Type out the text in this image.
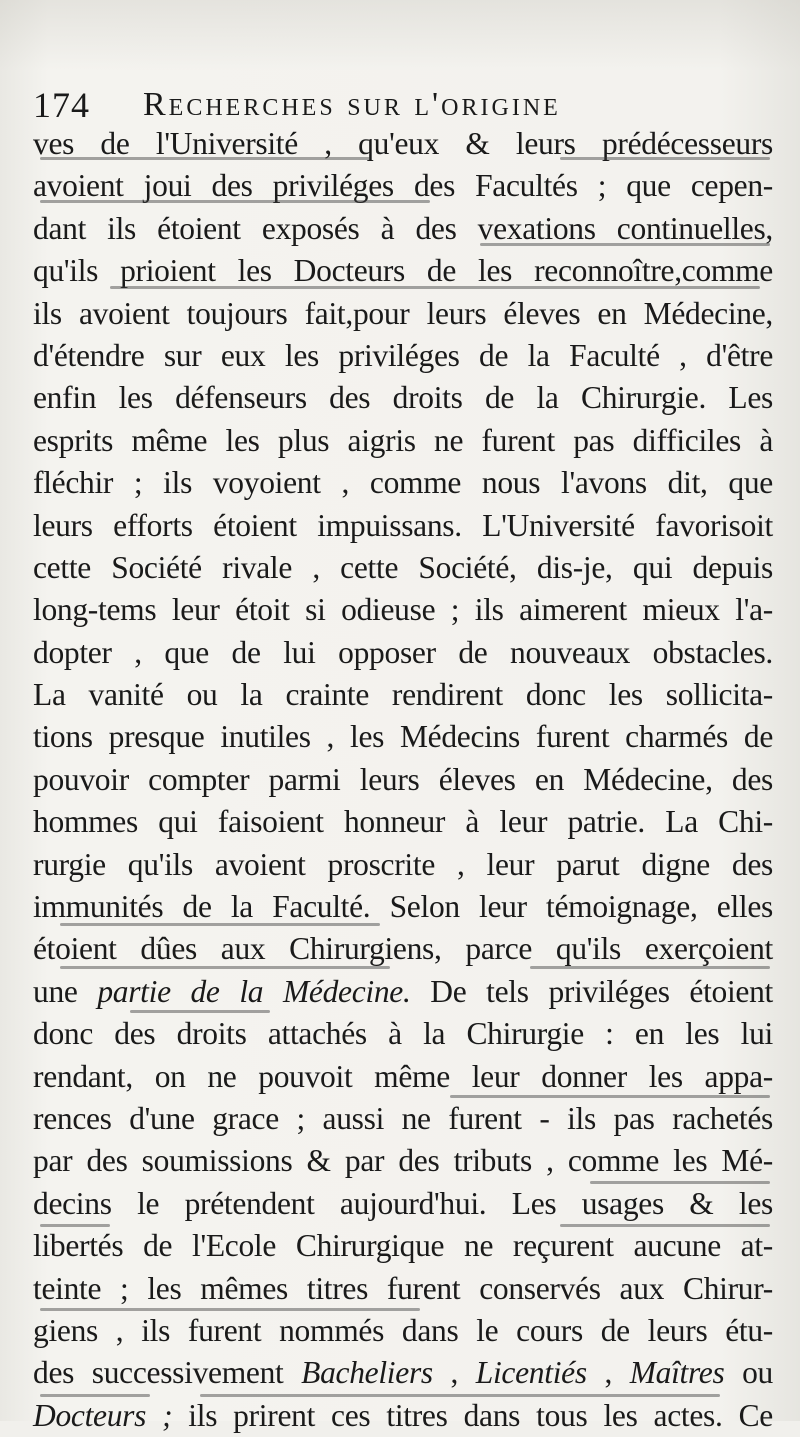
174 Recherches sur l'origine
ves de l'Université , qu'eux & leurs prédécesseurs
avoient joui des priviléges des Facultés ; que cepen-
dant ils étoient exposés à des vexations continuelles,
qu'ils prioient les Docteurs de les reconnoître,comme
ils avoient toujours fait,pour leurs éleves en Médecine,
d'étendre sur eux les priviléges de la Faculté , d'être
enfin les défenseurs des droits de la Chirurgie. Les
esprits même les plus aigris ne furent pas difficiles à
fléchir ; ils voyoient , comme nous l'avons dit, que
leurs efforts étoient impuissans. L'Université favorisoit
cette Société rivale , cette Société, dis-je, qui depuis
long-tems leur étoit si odieuse ; ils aimerent mieux l'a-
dopter , que de lui opposer de nouveaux obstacles.
La vanité ou la crainte rendirent donc les sollicita-
tions presque inutiles , les Médecins furent charmés de
pouvoir compter parmi leurs éleves en Médecine, des
hommes qui faisoient honneur à leur patrie. La Chi-
rurgie qu'ils avoient proscrite , leur parut digne des
immunités de la Faculté. Selon leur témoignage, elles
étoient dûes aux Chirurgiens, parce qu'ils exerçoient
une partie de la Médecine. De tels priviléges étoient
donc des droits attachés à la Chirurgie : en les lui
rendant, on ne pouvoit même leur donner les appa-
rences d'une grace ; aussi ne furent - ils pas rachetés
par des soumissions & par des tributs , comme les Mé-
decins le prétendent aujourd'hui. Les usages & les
libertés de l'Ecole Chirurgique ne reçurent aucune at-
teinte ; les mêmes titres furent conservés aux Chirur-
giens , ils furent nommés dans le cours de leurs étu-
des successivement Bacheliers , Licentiés , Maîtres ou
Docteurs ; ils prirent ces titres dans tous les actes. Ce
